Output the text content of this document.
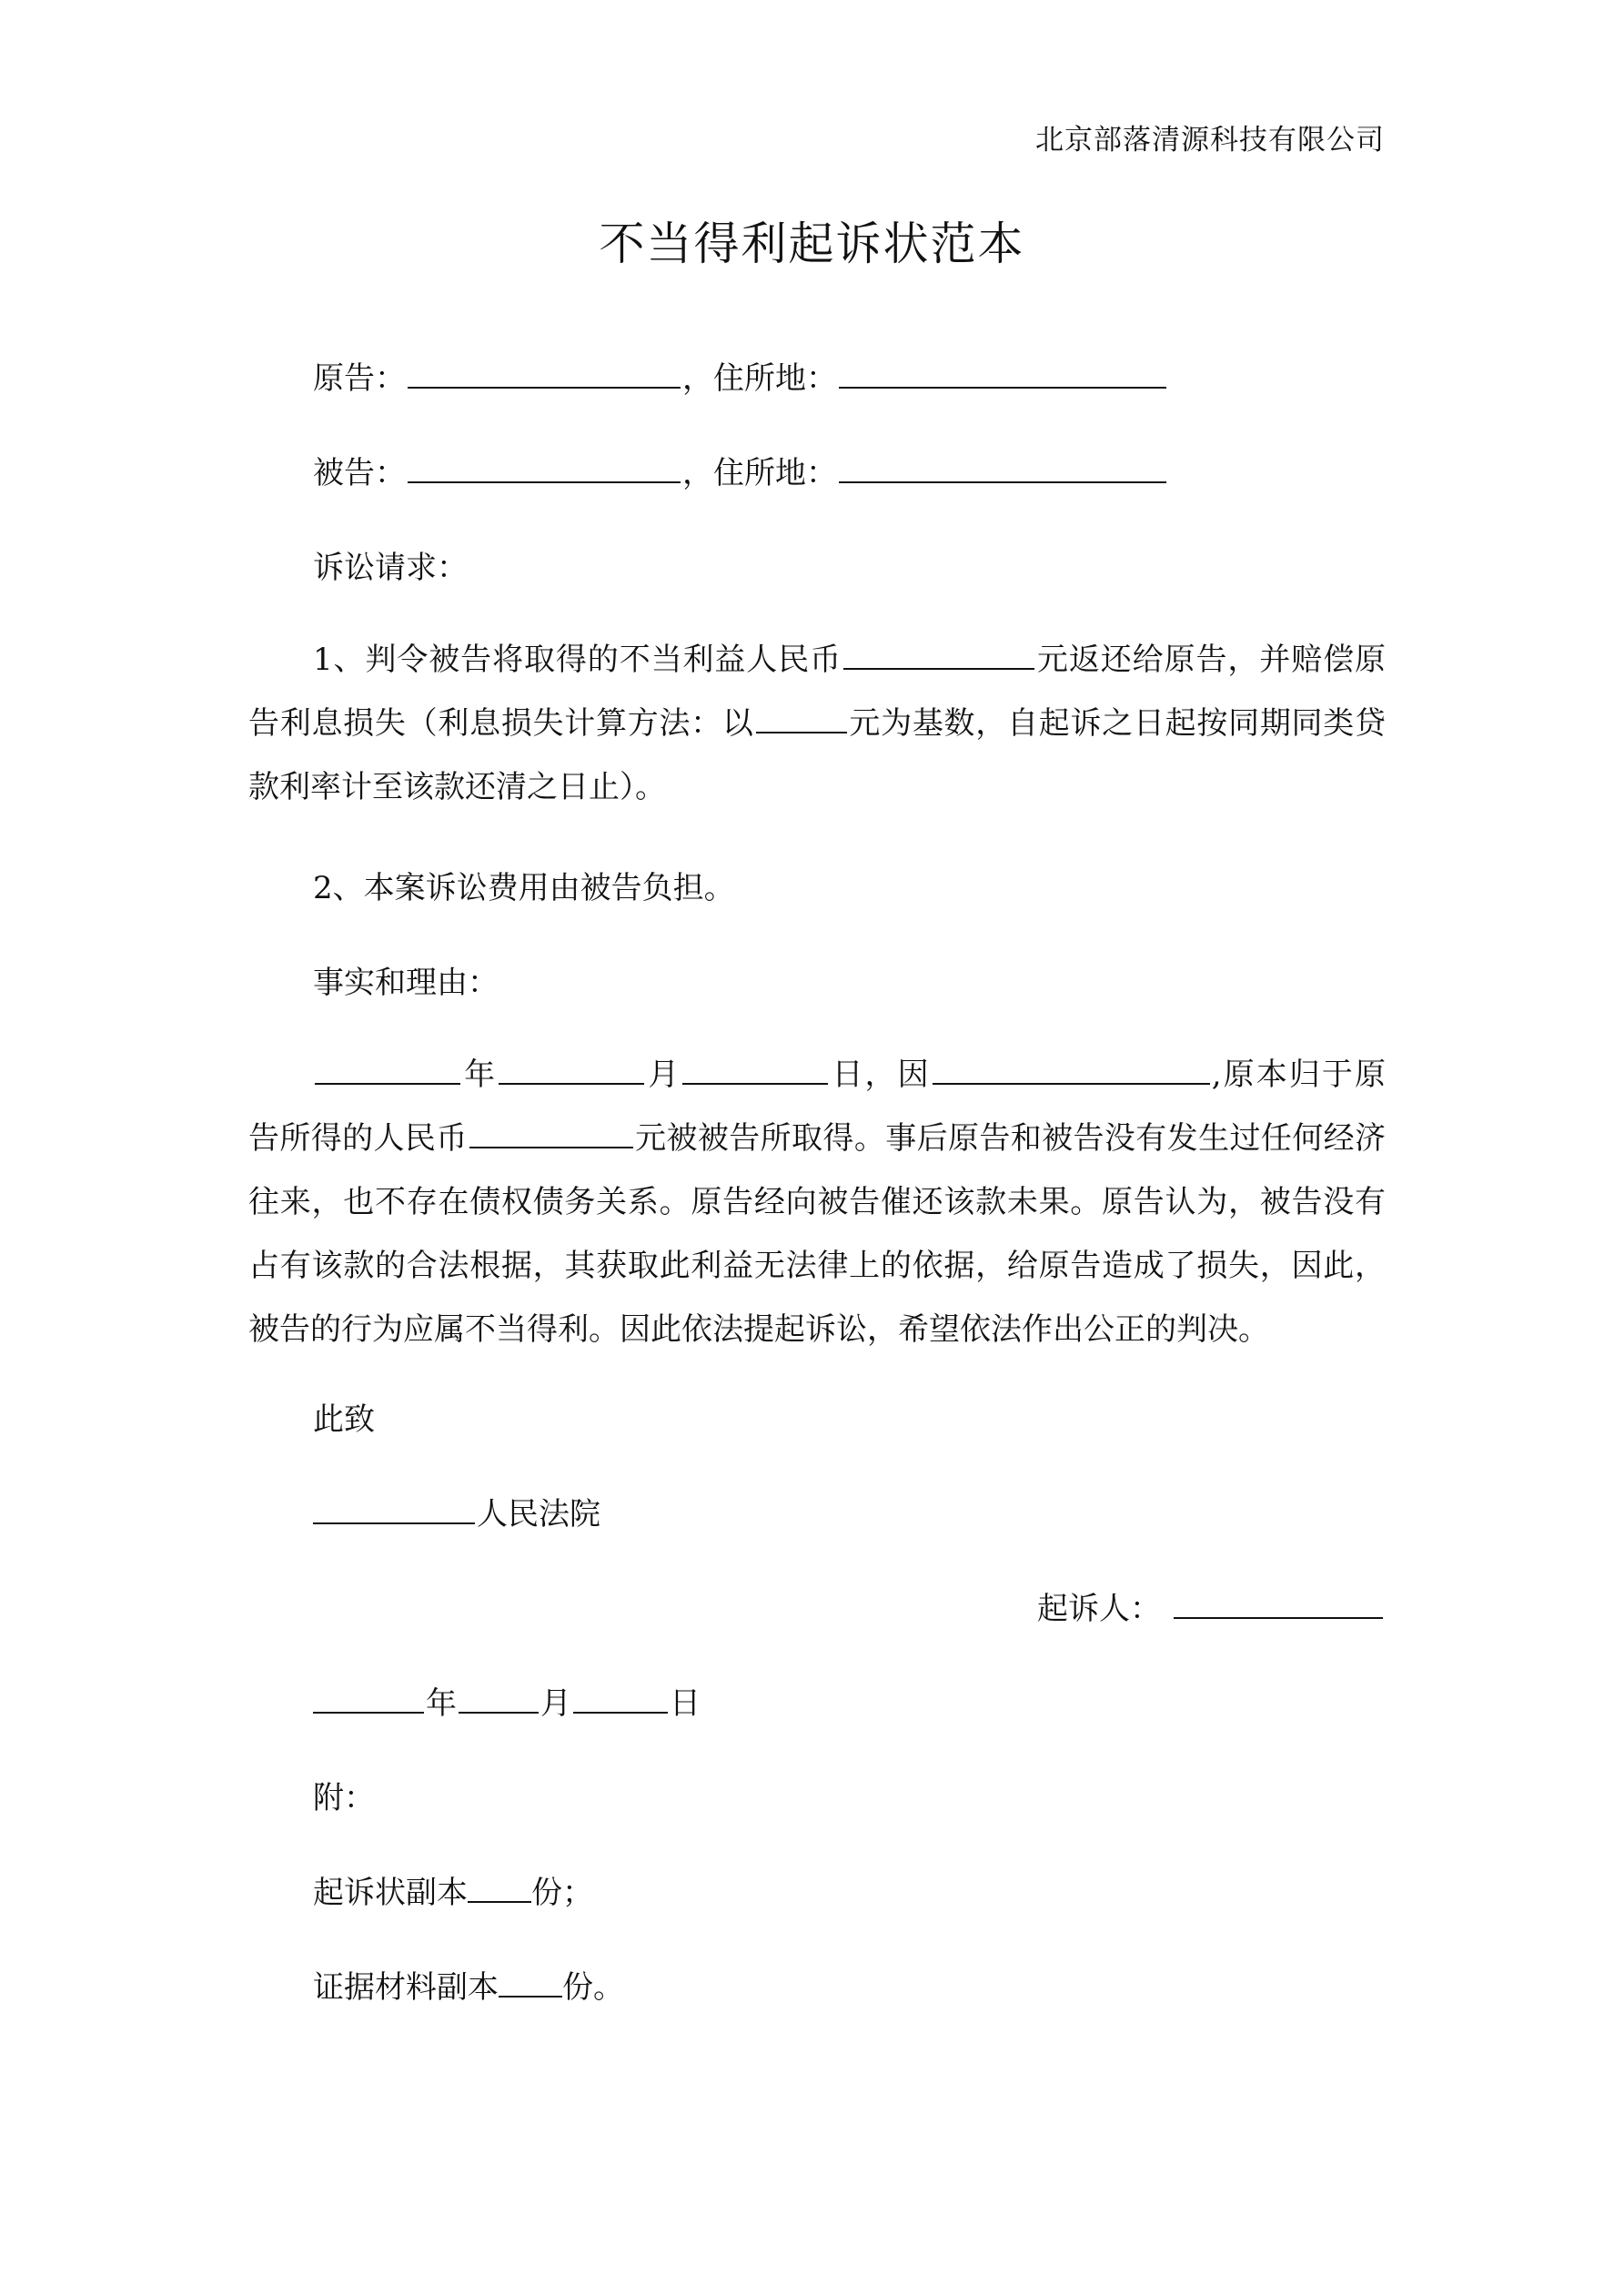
北京部落清源科技有限公司
不当得利起诉状范本
原告：	，住所地：
被告：	，住所地：
诉讼请求：
1、判令被告将取得的不当利益人民币	元返还给原告，并赔偿原告利息损失（利息损失计算方法：以	元为基数，自起诉之日起按同期同类贷款利率计至该款还清之日止）。
2、本案诉讼费用由被告负担。
事实和理由：
年	月	日，因	,原本归于原告所得的人民币	元被被告所取得。事后原告和被告没有发生过任何经济往来，也不存在债权债务关系。原告经向被告催还该款未果。原告认为，被告没有占有该款的合法根据，其获取此利益无法律上的依据，给原告造成了损失，因此，被告的行为应属不当得利。因此依法提起诉讼，希望依法作出公正的判决。
此致
人民法院
起诉人：
年	月	日
附：
起诉状副本 份；
证据材料副本 份。
